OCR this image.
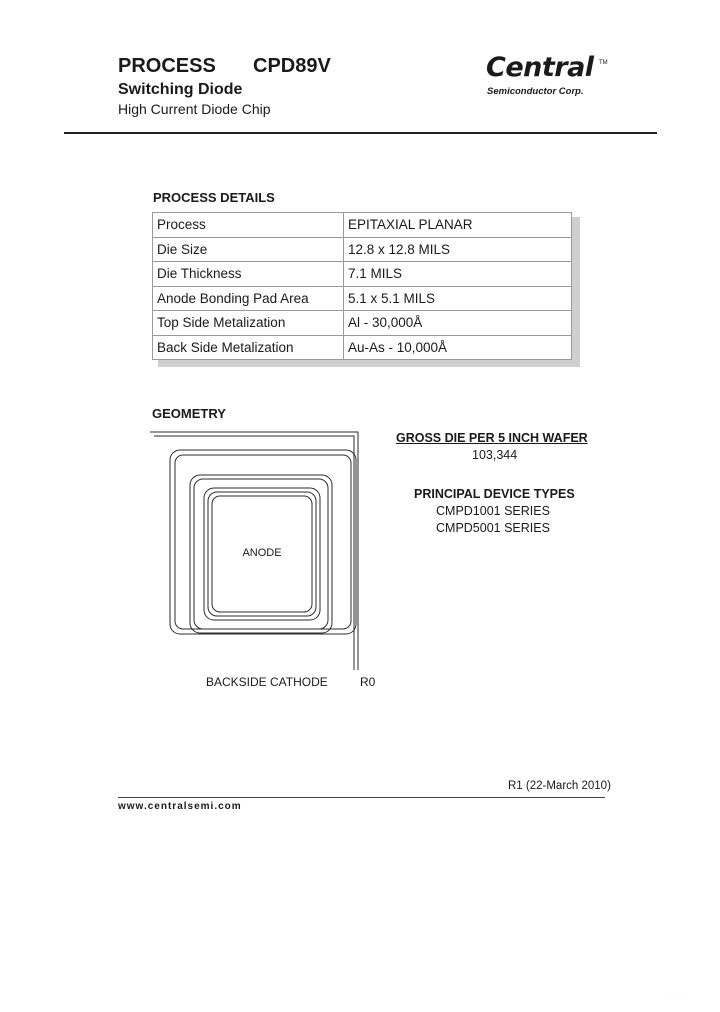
PROCESS CPD89V
Switching Diode
High Current Diode Chip
Central TM
Semiconductor Corp.
PROCESS DETAILS
Process	EPITAXIAL PLANAR
Die Size	12.8 x 12.8 MILS
Die Thickness	7.1 MILS
Anode Bonding Pad Area	5.1 x 5.1 MILS
Top Side Metalization	Al - 30,000Å
Back Side Metalization	Au-As - 10,000Å
GEOMETRY
ANODE
BACKSIDE CATHODE	R0
GROSS DIE PER 5 INCH WAFER
103,344
PRINCIPAL DEVICE TYPES
CMPD1001 SERIES
CMPD5001 SERIES
R1 (22-March 2010)
www.centralsemi.com
· · ·
